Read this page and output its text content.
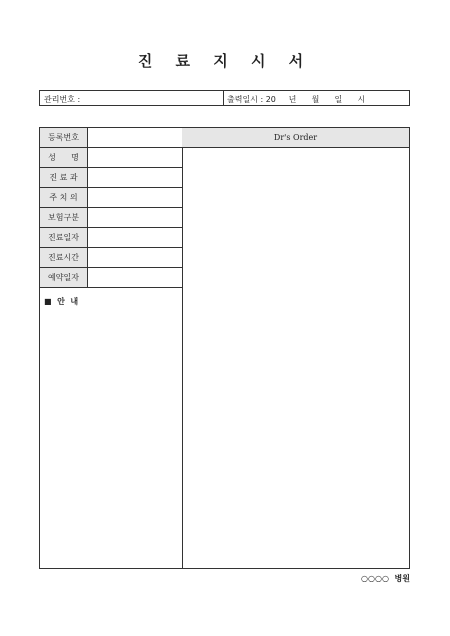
진 료 지 시 서
관리번호 :	출력일시 : 20     년      월      일      시
등록번호
성      명
진 료 과
주 치 의
보험구분
진료일자
진료시간
예약일자
■  안  내
Dr's Order
○○○○  병원
